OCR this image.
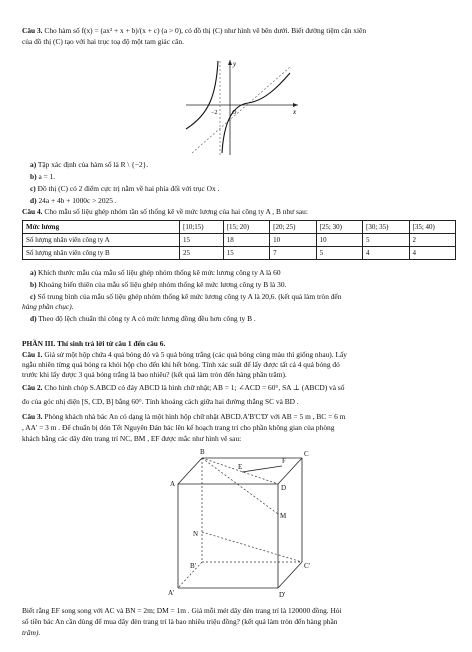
Câu 3. Cho hàm số f(x) = (ax² + x + b)/(x + c) (a > 0), có đồ thị (C) như hình vẽ bên dưới. Biết đường tiệm cận xiên

của đồ thị (C) tạo với hai trục toạ độ một tam giác cân.

y
x
−2 O

a) Tập xác định của hàm số là R \ {−2}.

b) a = 1.

c) Đồ thị (C) có 2 điểm cực trị nằm về hai phía đối với trục Ox .

d) 24a + 4b + 1000c > 2025 .

Câu 4. Cho mẫu số liệu ghép nhóm tần số thống kê về mức lương của hai công ty A , B như sau:

Mức lương	[10;15)	[15; 20)	[20; 25)	[25; 30)	[30; 35)	[35; 40)
Số lượng nhân viên công ty A	15	18	10	10	5	2
Số lượng nhân viên công ty B	25	15	7	5	4	4

a) Khích thước mẫu của mẫu số liệu ghép nhóm thống kê mức lương công ty A là 60

b) Khoảng biến thiên của mẫu số liệu ghép nhóm thống kê mức lương công ty B là 30.

c) Số trung bình của mẫu số liệu ghép nhóm thống kê mức lương công ty A là 20,6. (kết quả làm tròn đến

hàng phần chục).

d) Theo độ lệch chuẩn thì công ty A có mức lương đồng đều hơn công ty B .

PHẦN III. Thí sinh trả lời từ câu 1 đến câu 6.

Câu 1. Giả sử một hộp chứa 4 quả bóng đỏ và 5 quả bóng trắng (các quả bóng cùng màu thì giống nhau). Lấy

ngẫu nhiên từng quả bóng ra khỏi hộp cho đến khi hết bóng. Tính xác suất để lấy được tất cả 4 quả bóng đỏ

trước khi lấy được 3 quả bóng trắng là bao nhiêu? (kết quả làm tròn đến hàng phần trăm).

Câu 2. Cho hình chóp S.ABCD có đáy ABCD là hình chữ nhật; AB = 1; ∠ACD = 60°, SA ⊥ (ABCD) và số

đo của góc nhị diện [S, CD, B] bằng 60°. Tính khoảng cách giữa hai đường thẳng SC và BD .

Câu 3. Phòng khách nhà bác An có dạng là một hình hộp chữ nhật ABCD.A'B'C'D' với AB = 5 m , BC = 6 m

, AA' = 3 m . Để chuẩn bị đón Tết Nguyên Đán bác lên kế hoạch trang trí cho phần không gian của phòng

khách bằng các dây đèn trang trí NC, BM , EF được mắc như hình vẽ sau:

B	C
A
E
F
D
N
M
B'	C'
A'	D'

Biết rằng EF song song với AC và BN = 2m; DM = 1m . Giả mỗi mét dây đèn trang trí là 120000 đồng. Hỏi

số tiền bác An cần dùng để mua dây đèn trang trí là bao nhiêu triệu đồng? (kết quả làm tròn đến hàng phần

trăm).
